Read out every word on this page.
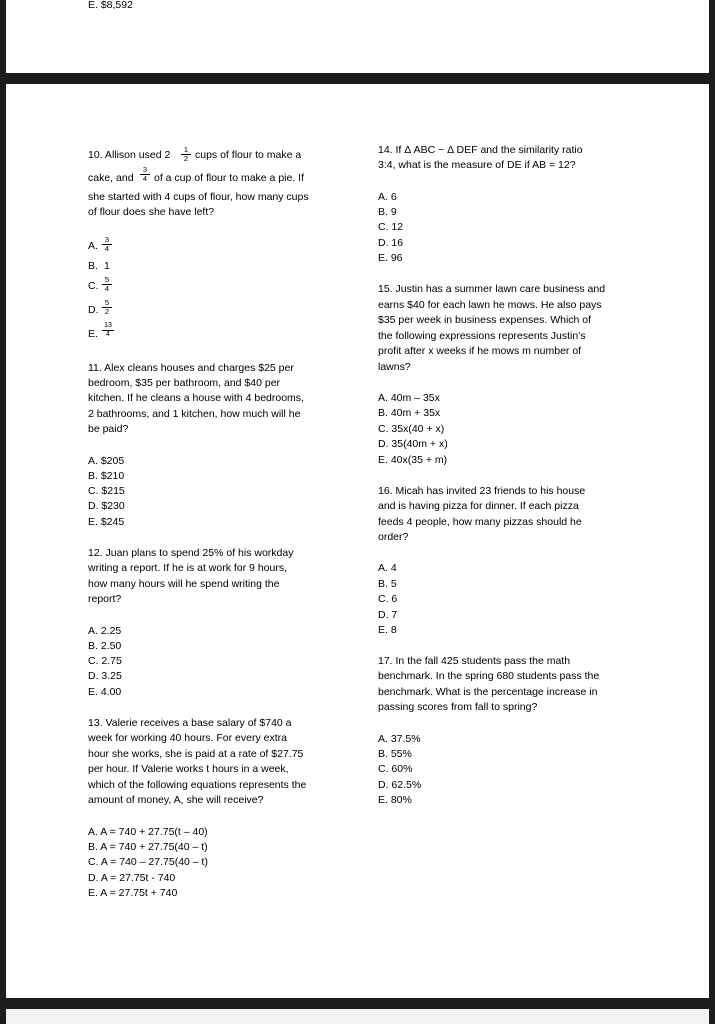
E. $8,592
10. Allison used $2 \frac{1}{2}$ cups of flour to make a
cake, and $\frac{3}{4}$ of a cup of flour to make a pie. If
she started with 4 cups of flour, how many cups
of flour does she have left?
A. $\frac{3}{4}$
B. 1
C. $\frac{5}{4}$
D. $\frac{5}{2}$
E. $\frac{13}{4}$
11. Alex cleans houses and charges $25 per
bedroom, $35 per bathroom, and $40 per
kitchen. If he cleans a house with 4 bedrooms,
2 bathrooms, and 1 kitchen, how much will he
be paid?
A. $205
B. $210
C. $215
D. $230
E. $245
12. Juan plans to spend 25% of his workday
writing a report. If he is at work for 9 hours,
how many hours will he spend writing the
report?
A. 2.25
B. 2.50
C. 2.75
D. 3.25
E. 4.00
13. Valerie receives a base salary of $740 a
week for working 40 hours. For every extra
hour she works, she is paid at a rate of $27.75
per hour. If Valerie works t hours in a week,
which of the following equations represents the
amount of money, A, she will receive?
A. A = 740 + 27.75(t – 40)
B. A = 740 + 27.75(40 – t)
C. A = 740 – 27.75(40 – t)
D. A = 27.75t - 740
E. A = 27.75t + 740
14. If Δ ABC ~ Δ DEF and the similarity ratio
3:4, what is the measure of DE if AB = 12?
A. 6
B. 9
C. 12
D. 16
E. 96
15. Justin has a summer lawn care business and
earns $40 for each lawn he mows. He also pays
$35 per week in business expenses. Which of
the following expressions represents Justin’s
profit after x weeks if he mows m number of
lawns?
A. 40m – 35x
B. 40m + 35x
C. 35x(40 + x)
D. 35(40m + x)
E. 40x(35 + m)
16. Micah has invited 23 friends to his house
and is having pizza for dinner. If each pizza
feeds 4 people, how many pizzas should he
order?
A. 4
B. 5
C. 6
D. 7
E. 8
17. In the fall 425 students pass the math
benchmark. In the spring 680 students pass the
benchmark. What is the percentage increase in
passing scores from fall to spring?
A. 37.5%
B. 55%
C. 60%
D. 62.5%
E. 80%
